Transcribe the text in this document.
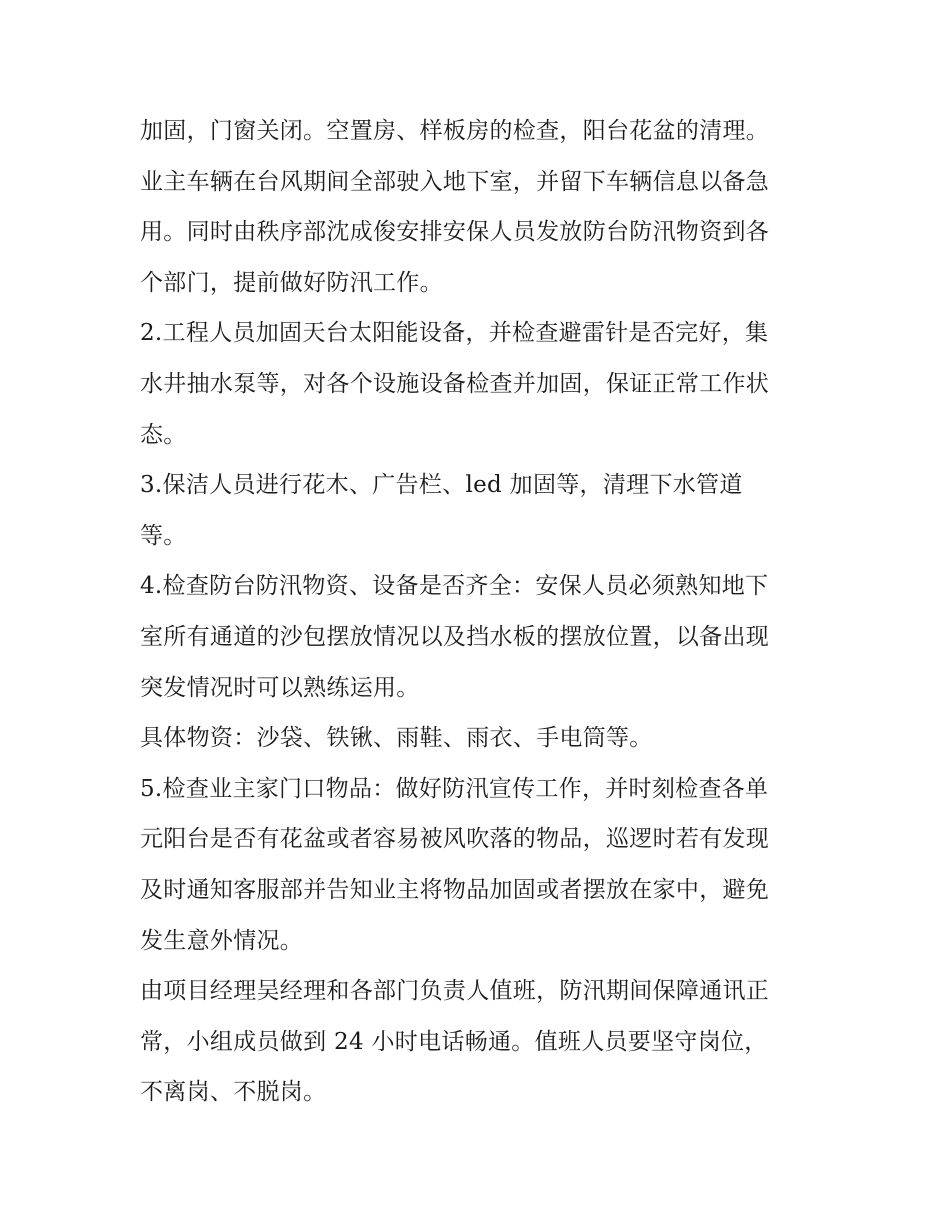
加固，门窗关闭。空置房、样板房的检查，阳台花盆的清理。
业主车辆在台风期间全部驶入地下室，并留下车辆信息以备急
用。同时由秩序部沈成俊安排安保人员发放防台防汛物资到各
个部门，提前做好防汛工作。
2.工程人员加固天台太阳能设备，并检查避雷针是否完好，集
水井抽水泵等，对各个设施设备检查并加固，保证正常工作状
态。
3.保洁人员进行花木、广告栏、led 加固等，清理下水管道
等。
4.检查防台防汛物资、设备是否齐全：安保人员必须熟知地下
室所有通道的沙包摆放情况以及挡水板的摆放位置，以备出现
突发情况时可以熟练运用。
具体物资：沙袋、铁锹、雨鞋、雨衣、手电筒等。
5.检查业主家门口物品：做好防汛宣传工作，并时刻检查各单
元阳台是否有花盆或者容易被风吹落的物品，巡逻时若有发现
及时通知客服部并告知业主将物品加固或者摆放在家中，避免
发生意外情况。
由项目经理吴经理和各部门负责人值班，防汛期间保障通讯正
常，小组成员做到 24 小时电话畅通。值班人员要坚守岗位，
不离岗、不脱岗。
